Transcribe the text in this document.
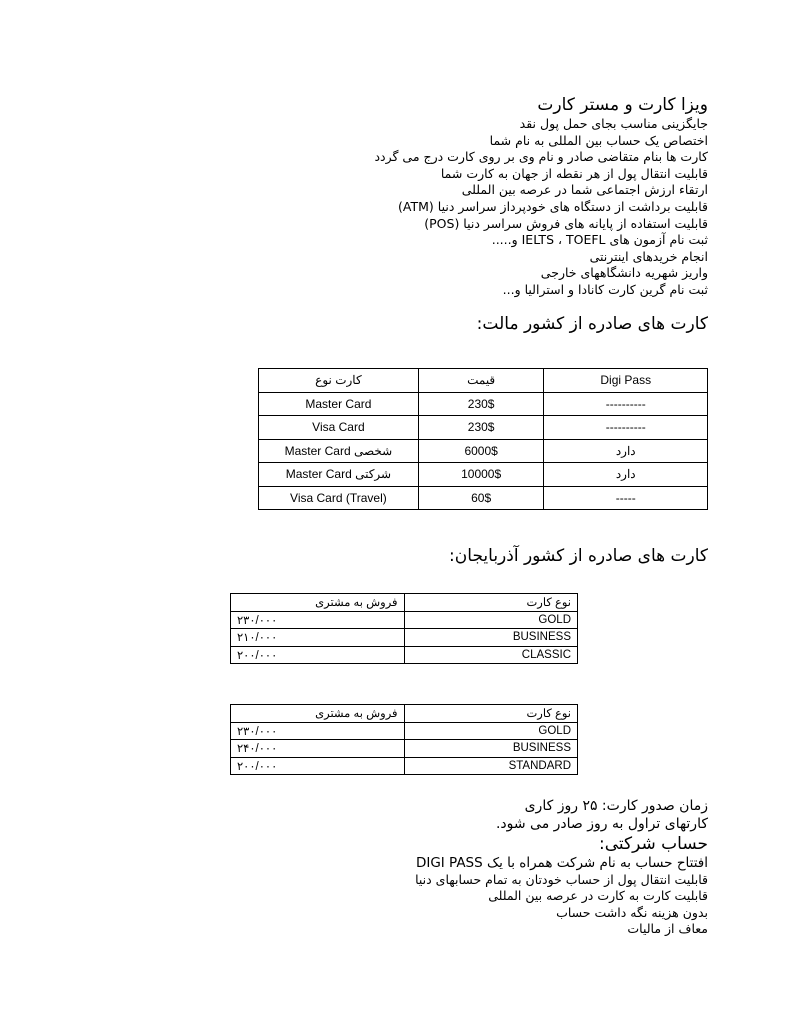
ویزا کارت و مستر کارت
جایگزینی مناسب بجای حمل پول نقد
اختصاص یک حساب بین المللی به نام شما
کارت ها بنام متقاضی صادر و نام وی بر روی کارت درج می گردد
قابلیت انتقال پول از هر نقطه از جهان به کارت شما
ارتقاء ارزش اجتماعی شما در عرصه بین المللی
قابلیت برداشت از دستگاه های خودپرداز سراسر دنیا (ATM)
قابلیت استفاده از پایانه های فروش سراسر دنیا (POS)
ثبت نام آزمون های IELTS ، TOEFL و.....
انجام خریدهای اینترنتی
واریز شهریه دانشگاههای خارجی
ثبت نام گرین کارت کانادا و استرالیا و...
کارت های صادره از کشور مالت:
کارت نوع	قیمت	Digi Pass
Master Card	230$	----------
Visa Card	230$	----------
Master Card شخصی	6000$	دارد
Master Card شرکتی	10000$	دارد
Visa Card (Travel)	60$	-----
کارت های صادره از کشور آذربایجان:
فروش به مشتری	نوع کارت
۲۳۰/۰۰۰	GOLD
۲۱۰/۰۰۰	BUSINESS
۲۰۰/۰۰۰	CLASSIC
فروش به مشتری	نوع کارت
۲۳۰/۰۰۰	GOLD
۲۴۰/۰۰۰	BUSINESS
۲۰۰/۰۰۰	STANDARD
زمان صدور کارت: ۲۵ روز کاری
کارتهای تراول به روز صادر می شود.
حساب شرکتی:
افتتاح حساب به نام شرکت همراه با یک DIGI PASS
قابلیت انتقال پول از حساب خودتان به تمام حسابهای دنیا
قابلیت کارت به کارت در عرصه بین المللی
بدون هزینه نگه داشت حساب
معاف از مالیات
